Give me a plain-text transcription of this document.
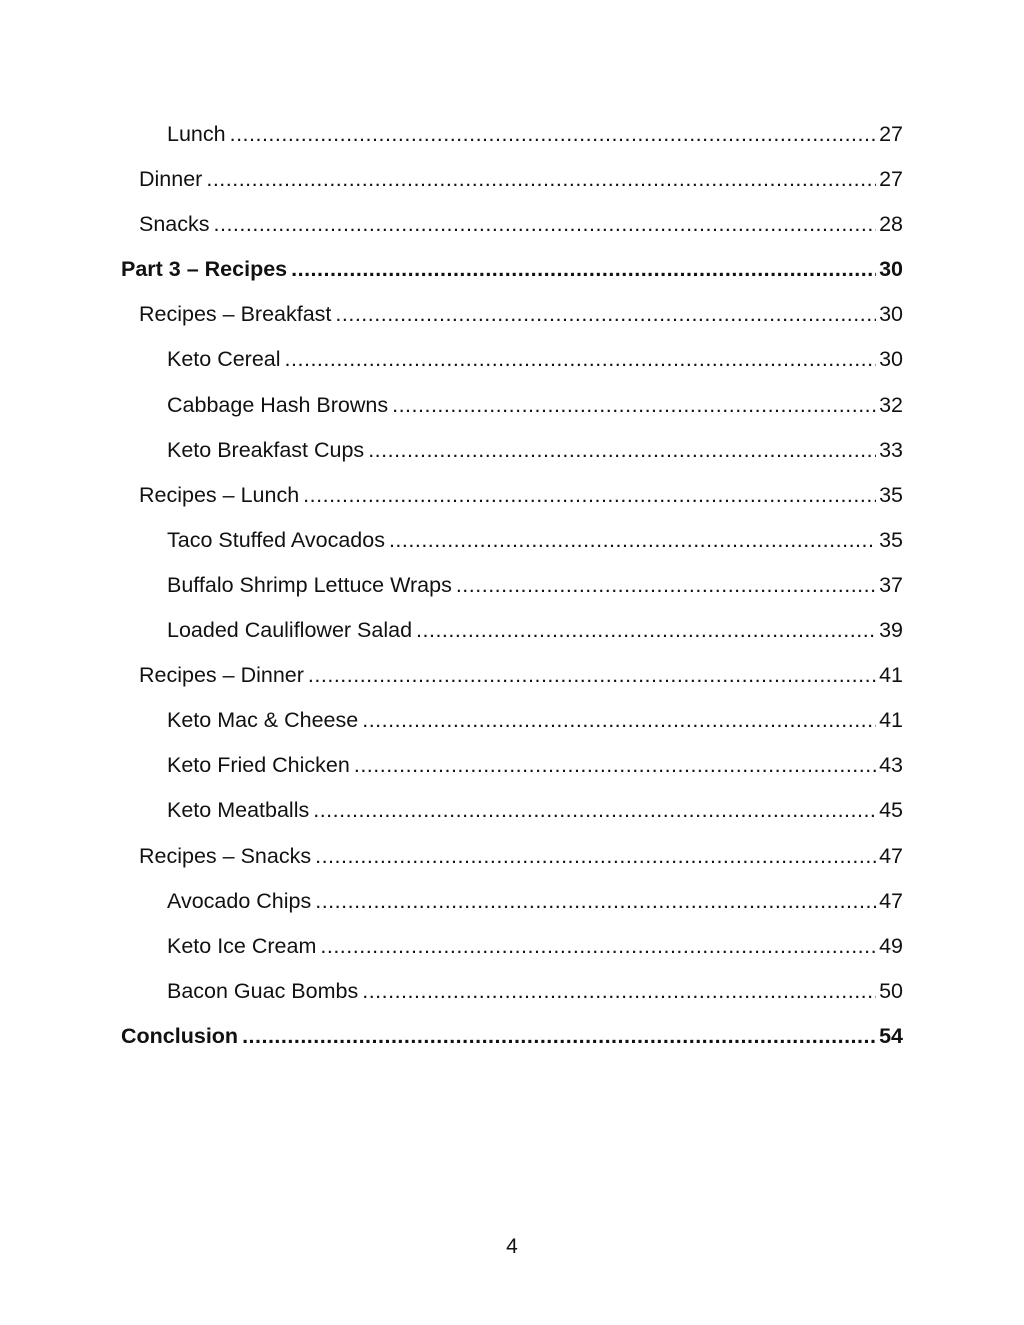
Lunch .....	27
Dinner .....	27
Snacks .....	28
Part 3 – Recipes .....	30
Recipes – Breakfast .....	30
Keto Cereal .....	30
Cabbage Hash Browns .....	32
Keto Breakfast Cups .....	33
Recipes – Lunch .....	35
Taco Stuffed Avocados .....	35
Buffalo Shrimp Lettuce Wraps .....	37
Loaded Cauliflower Salad .....	39
Recipes – Dinner .....	41
Keto Mac & Cheese .....	41
Keto Fried Chicken .....	43
Keto Meatballs .....	45
Recipes – Snacks .....	47
Avocado Chips .....	47
Keto Ice Cream .....	49
Bacon Guac Bombs .....	50
Conclusion .....	54
4
